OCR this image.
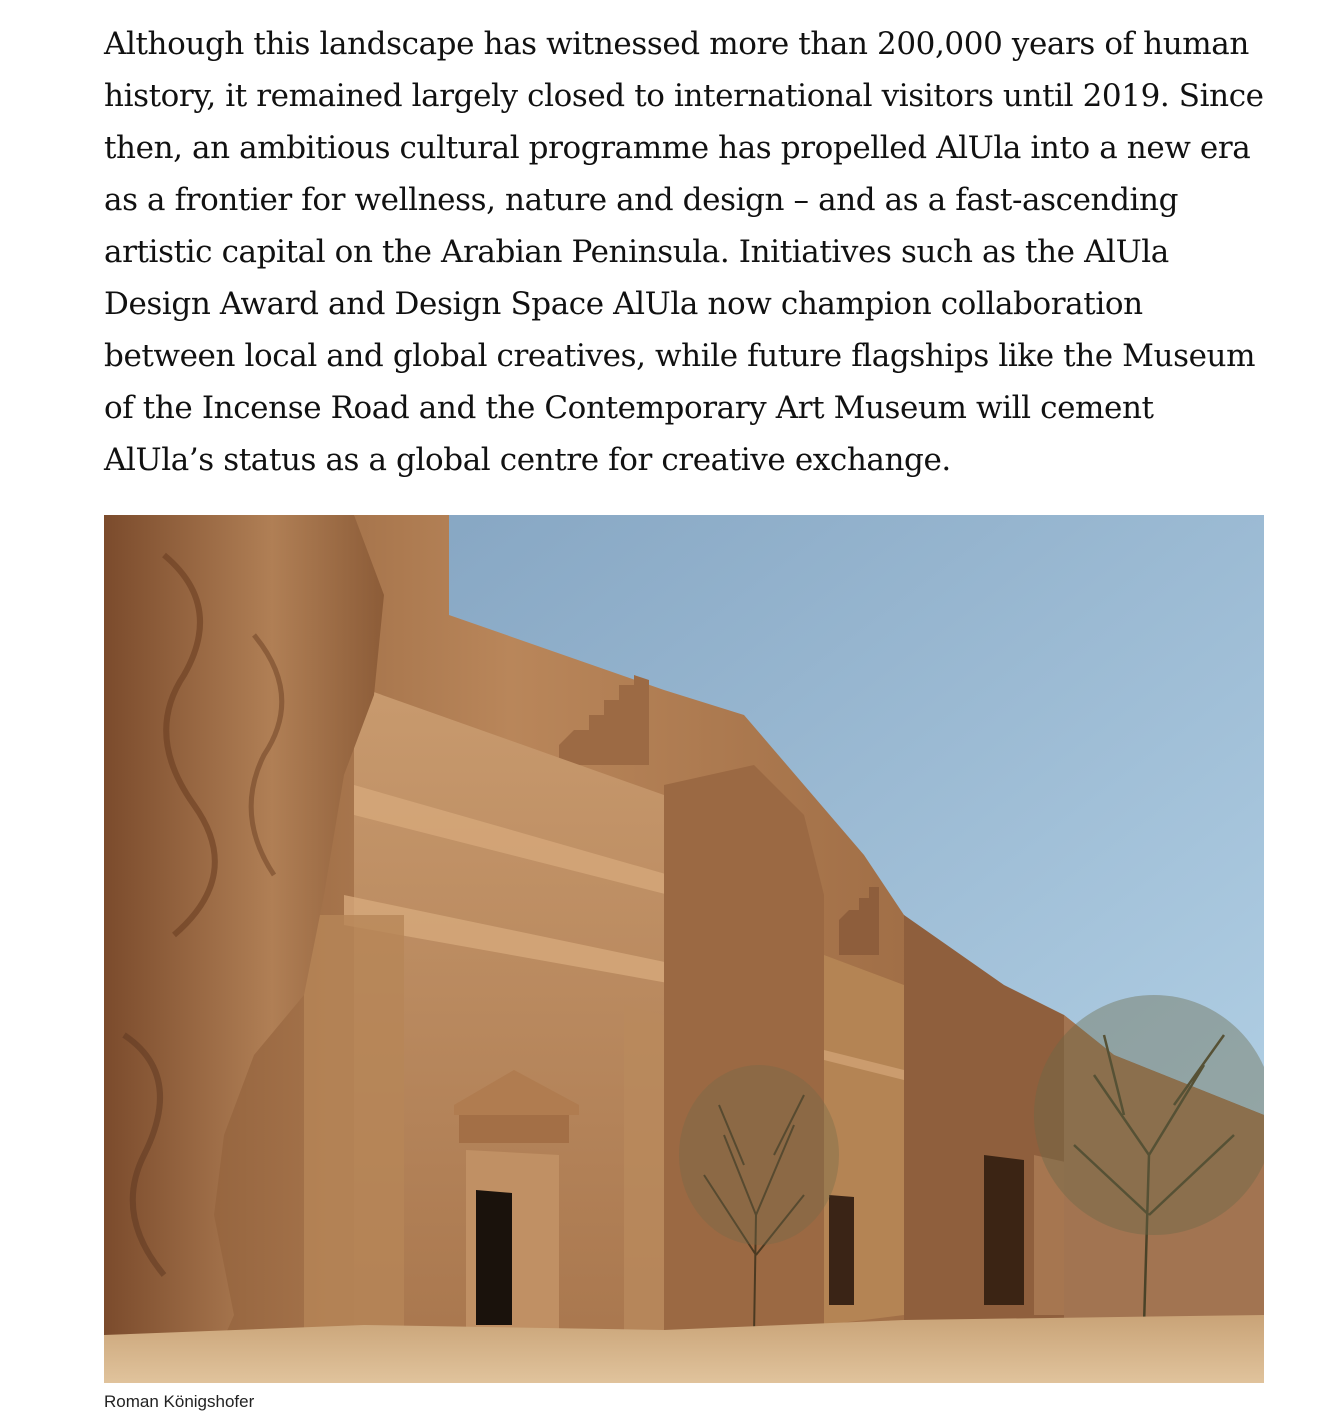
Although this landscape has witnessed more than 200,000 years of human history, it remained largely closed to international visitors until 2019. Since then, an ambitious cultural programme has propelled AlUla into a new era as a frontier for wellness, nature and design – and as a fast-ascending artistic capital on the Arabian Peninsula. Initiatives such as the AlUla Design Award and Design Space AlUla now champion collaboration between local and global creatives, while future flagships like the Museum of the Incense Road and the Contemporary Art Museum will cement AlUla’s status as a global centre for creative exchange.

Roman Königshofer
